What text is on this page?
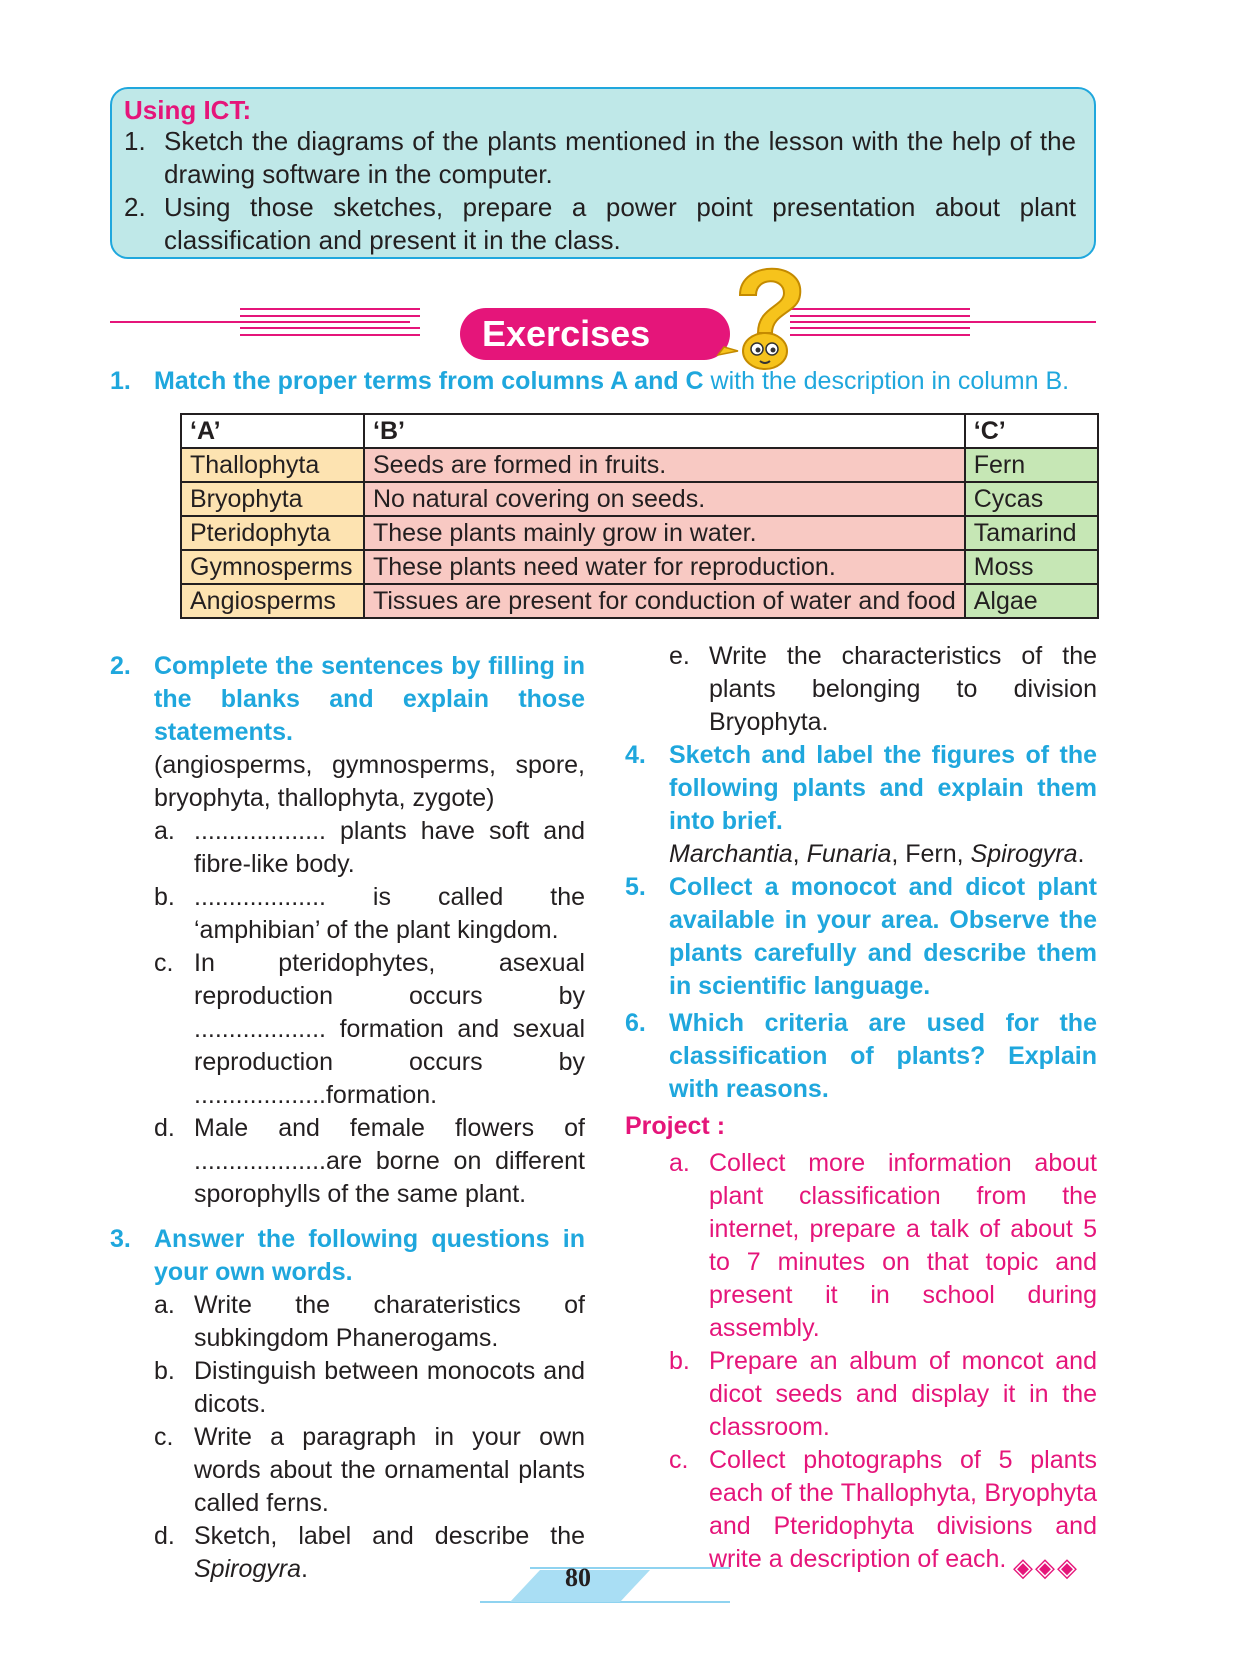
Using ICT:
1. Sketch the diagrams of the plants mentioned in the lesson with the help of the drawing software in the computer.
2. Using those sketches, prepare a power point presentation about plant classification and present it in the class.
Exercises
1. Match the proper terms from columns A and C with the description in column B.
‘A’	‘B’	‘C’
Thallophyta	Seeds are formed in fruits.	Fern
Bryophyta	No natural covering on seeds.	Cycas
Pteridophyta	These plants mainly grow in water.	Tamarind
Gymnosperms	These plants need water for reproduction.	Moss
Angiosperms	Tissues are present for conduction of water and food	Algae
2. Complete the sentences by filling in the blanks and explain those statements.
(angiosperms, gymnosperms, spore, bryophyta, thallophyta, zygote)
a. ................... plants have soft and fibre-like body.
b. ................... is called the ‘amphibian’ of the plant kingdom.
c. In pteridophytes, asexual reproduction occurs by ................... formation and sexual reproduction occurs by ...................formation.
d. Male and female flowers of ...................are borne on different sporophylls of the same plant.
3. Answer the following questions in your own words.
a. Write the charateristics of subkingdom Phanerogams.
b. Distinguish between monocots and dicots.
c. Write a paragraph in your own words about the ornamental plants called ferns.
d. Sketch, label and describe the Spirogyra.
e. Write the characteristics of the plants belonging to division Bryophyta.
4. Sketch and label the figures of the following plants and explain them into brief.
Marchantia, Funaria, Fern, Spirogyra.
5. Collect a monocot and dicot plant available in your area. Observe the plants carefully and describe them in scientific language.
6. Which criteria are used for the classification of plants? Explain with reasons.
Project :
a. Collect more information about plant classification from the internet, prepare a talk of about 5 to 7 minutes on that topic and present it in school during assembly.
b. Prepare an album of moncot and dicot seeds and display it in the classroom.
c. Collect photographs of 5 plants each of the Thallophyta, Bryophyta and Pteridophyta divisions and write a description of each.
80	◈◈◈
